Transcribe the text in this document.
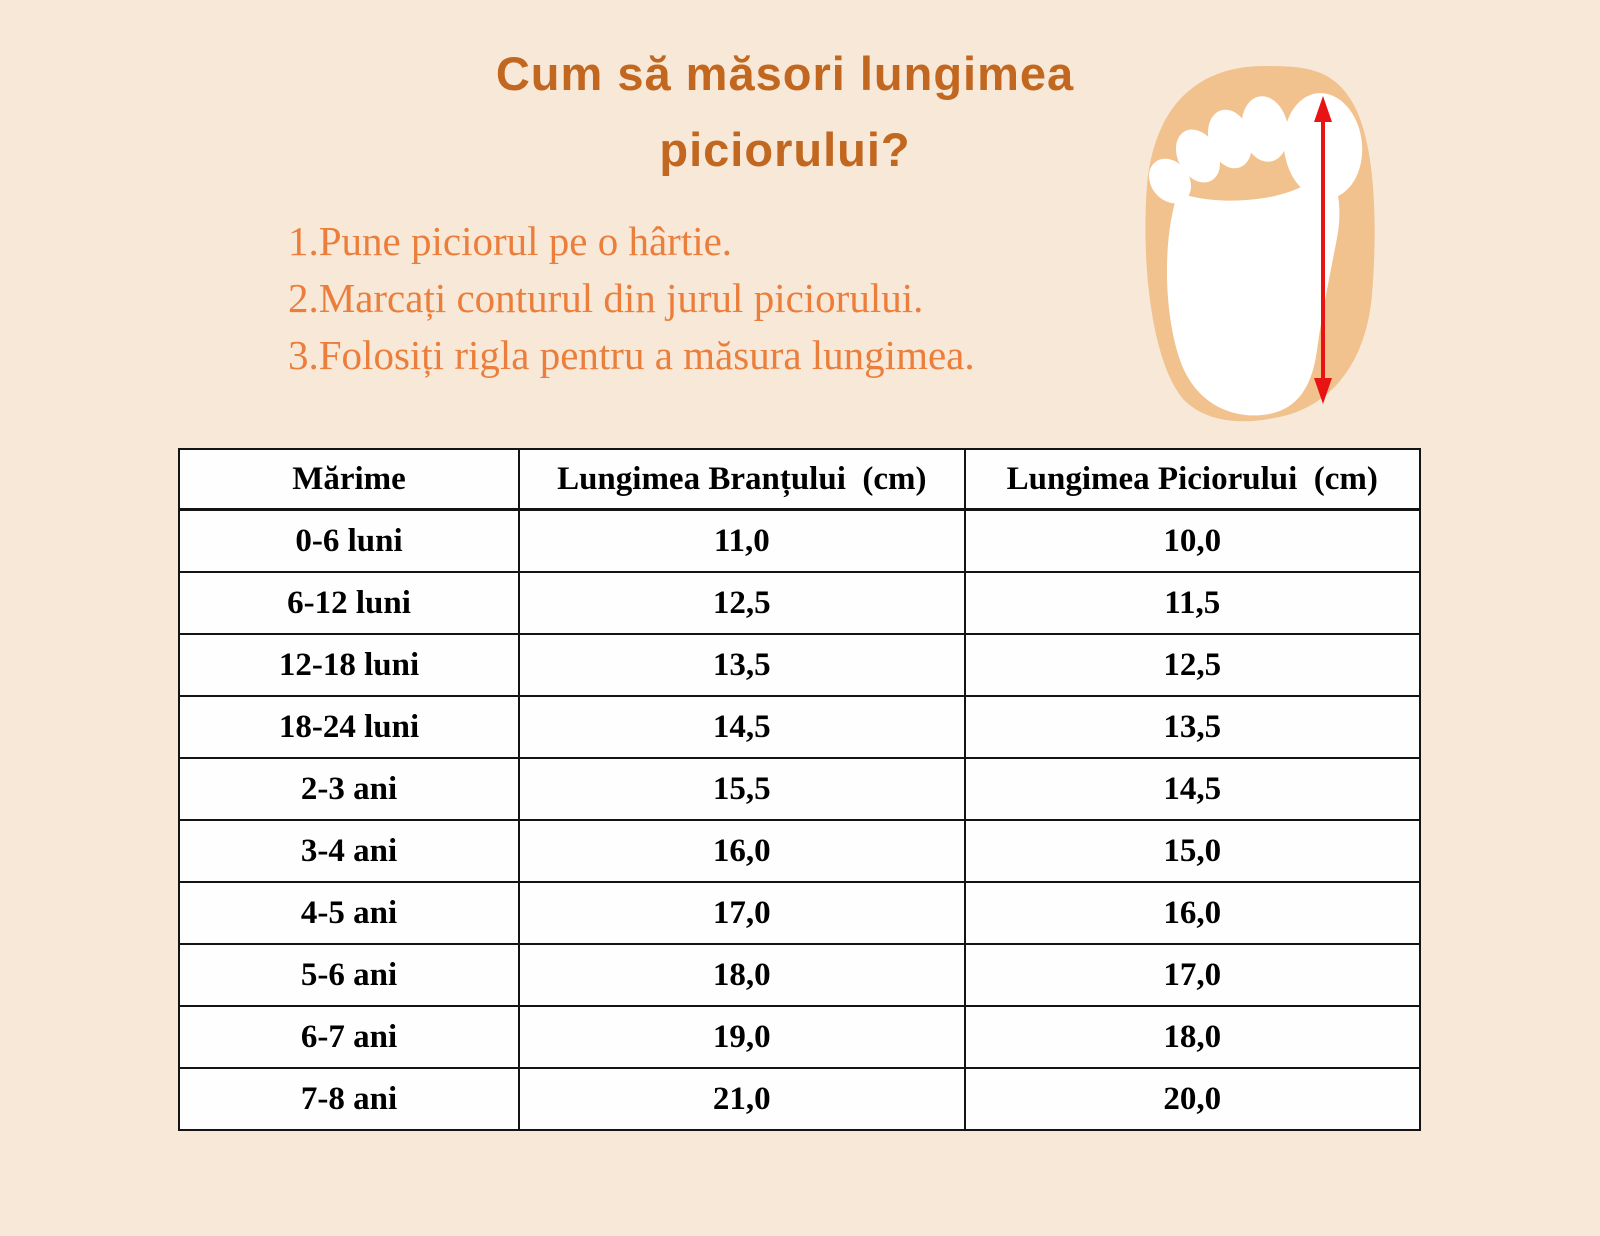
Cum să măsori lungimea
piciorului?
1.Pune piciorul pe o hârtie.
2.Marcați conturul din jurul piciorului.
3.Folosiți rigla pentru a măsura lungimea.
Mărime	Lungimea Branțului  (cm)	Lungimea Piciorului  (cm)
0-6 luni	11,0	10,0
6-12 luni	12,5	11,5
12-18 luni	13,5	12,5
18-24 luni	14,5	13,5
2-3 ani	15,5	14,5
3-4 ani	16,0	15,0
4-5 ani	17,0	16,0
5-6 ani	18,0	17,0
6-7 ani	19,0	18,0
7-8 ani	21,0	20,0
